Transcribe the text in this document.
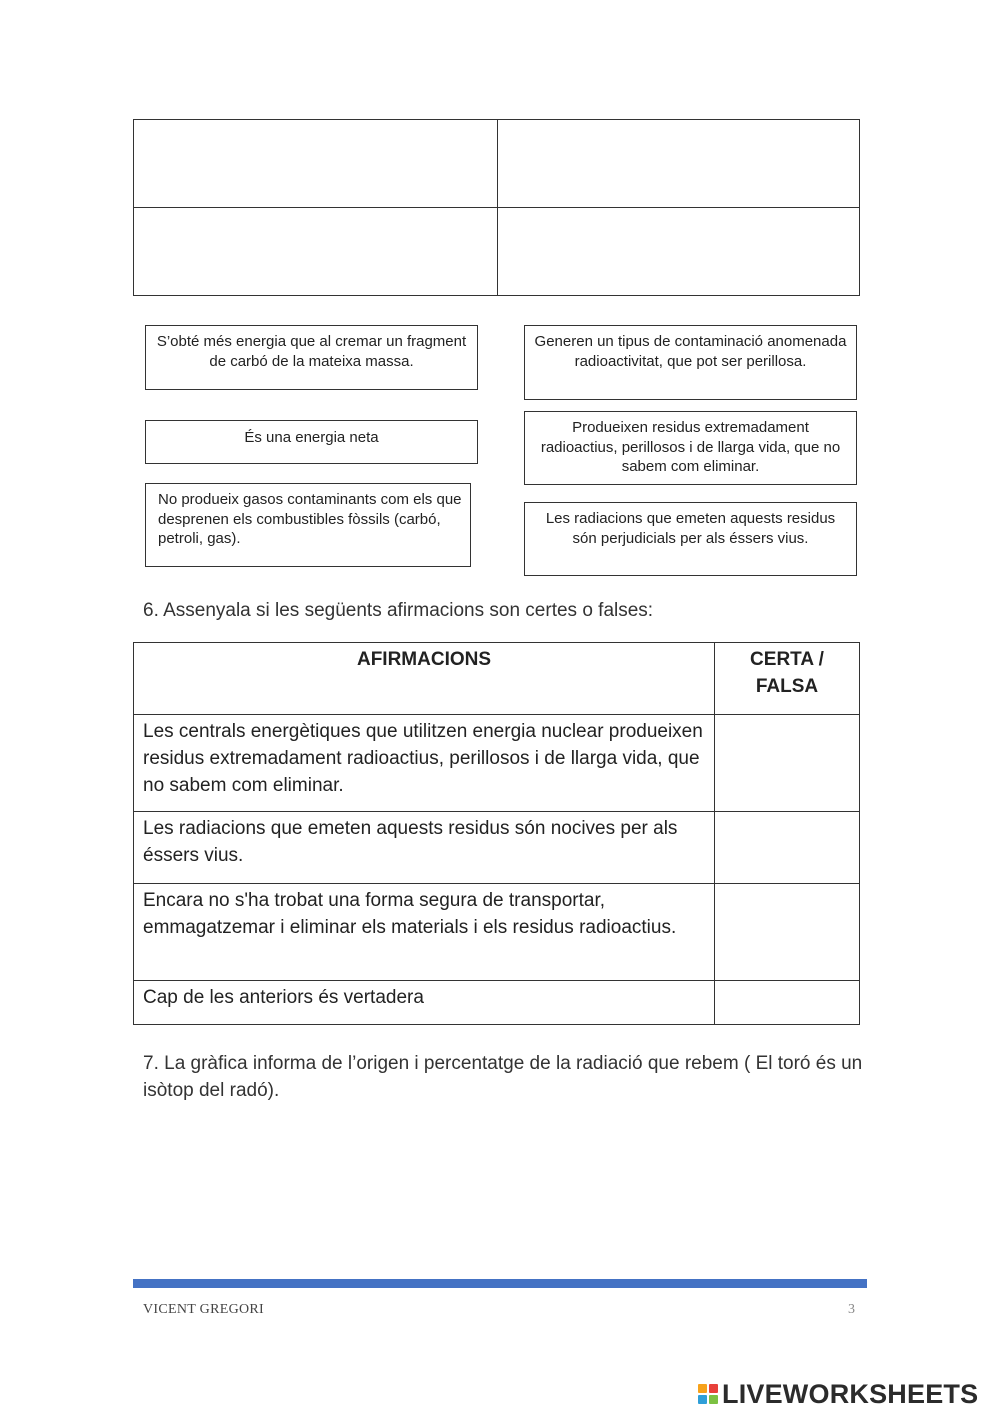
S’obté més energia que al cremar un fragment de carbó de la mateixa massa.
És una energia neta
No produeix gasos contaminants com els que desprenen els combustibles fòssils (carbó, petroli, gas).
Generen un tipus de contaminació anomenada radioactivitat, que pot ser perillosa.
Produeixen residus extremadament radioactius, perillosos i de llarga vida, que no sabem com eliminar.
Les radiacions que emeten aquests residus són perjudicials per als éssers vius.
6. Assenyala si les següents afirmacions son certes o falses:
AFIRMACIONS	CERTA / FALSA
Les centrals energètiques que utilitzen energia nuclear produeixen residus extremadament radioactius, perillosos i de llarga vida, que no sabem com eliminar.	
Les radiacions que emeten aquests residus són nocives per als éssers vius.	
Encara no s'ha trobat una forma segura de transportar, emmagatzemar i eliminar els materials i els residus radioactius.	
Cap de les anteriors és vertadera	
7. La gràfica informa de l’origen i percentatge de la radiació que rebem ( El toró és un isòtop del radó).
VICENT GREGORI	3
LIVEWORKSHEETS
